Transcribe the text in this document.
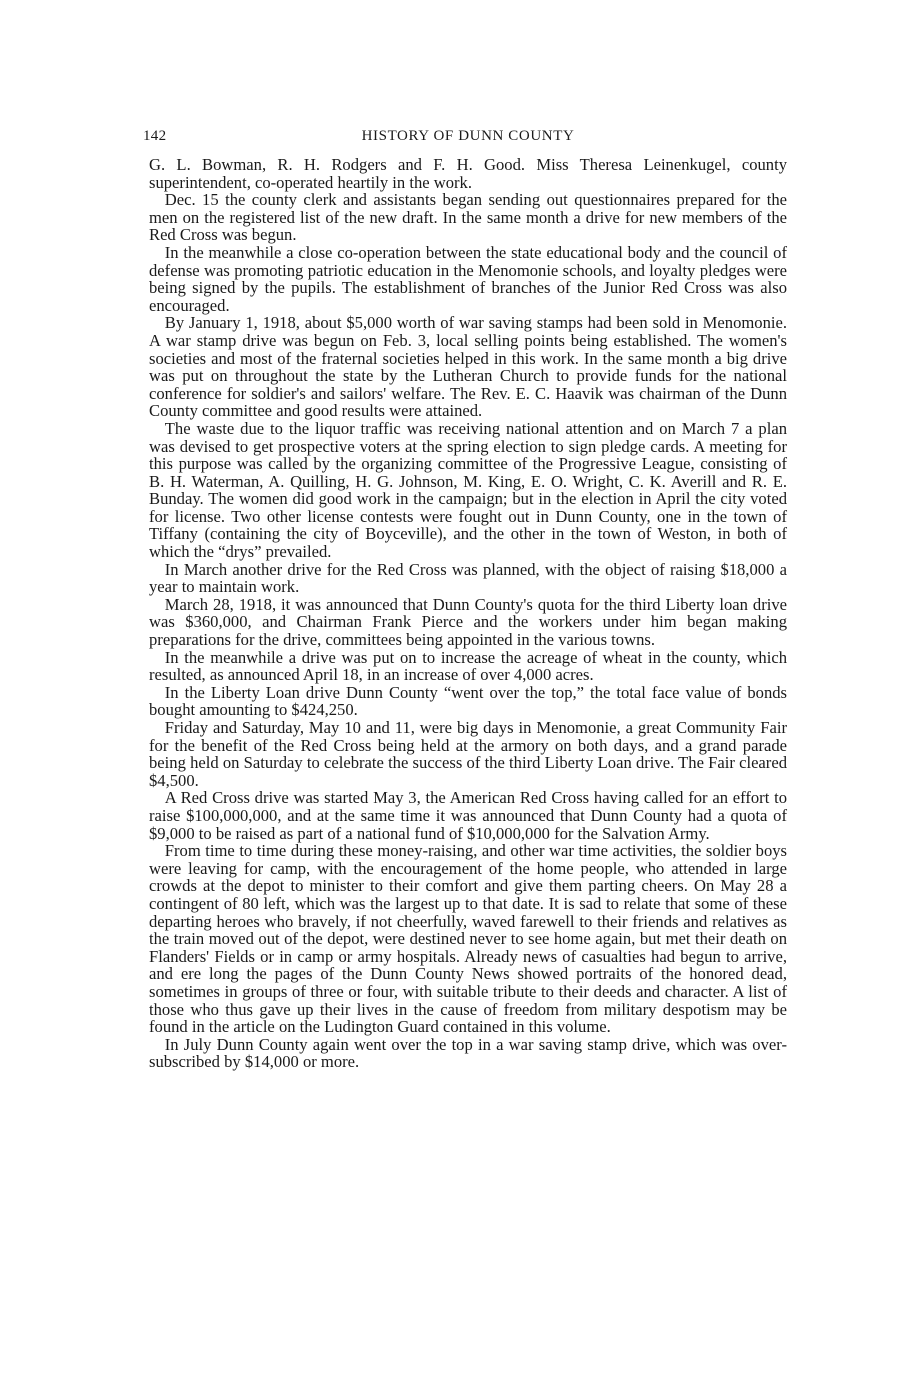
142	HISTORY OF DUNN COUNTY

G. L. Bowman, R. H. Rodgers and F. H. Good. Miss Theresa Leinenkugel, county superintendent, co-operated heartily in the work.

Dec. 15 the county clerk and assistants began sending out questionnaires prepared for the men on the registered list of the new draft. In the same month a drive for new members of the Red Cross was begun.

In the meanwhile a close co-operation between the state educational body and the council of defense was promoting patriotic education in the Menomonie schools, and loyalty pledges were being signed by the pupils. The establishment of branches of the Junior Red Cross was also encouraged.

By January 1, 1918, about $5,000 worth of war saving stamps had been sold in Menomonie. A war stamp drive was begun on Feb. 3, local selling points being established. The women's societies and most of the fraternal societies helped in this work. In the same month a big drive was put on throughout the state by the Lutheran Church to provide funds for the national conference for soldier's and sailors' welfare. The Rev. E. C. Haavik was chairman of the Dunn County committee and good results were attained.

The waste due to the liquor traffic was receiving national attention and on March 7 a plan was devised to get prospective voters at the spring election to sign pledge cards. A meeting for this purpose was called by the organizing committee of the Progressive League, consisting of B. H. Waterman, A. Quilling, H. G. Johnson, M. King, E. O. Wright, C. K. Averill and R. E. Bunday. The women did good work in the campaign; but in the election in April the city voted for license. Two other license contests were fought out in Dunn County, one in the town of Tiffany (containing the city of Boyceville), and the other in the town of Weston, in both of which the “drys” prevailed.

In March another drive for the Red Cross was planned, with the object of raising $18,000 a year to maintain work.

March 28, 1918, it was announced that Dunn County's quota for the third Liberty loan drive was $360,000, and Chairman Frank Pierce and the workers under him began making preparations for the drive, committees being appointed in the various towns.

In the meanwhile a drive was put on to increase the acreage of wheat in the county, which resulted, as announced April 18, in an increase of over 4,000 acres.

In the Liberty Loan drive Dunn County “went over the top,” the total face value of bonds bought amounting to $424,250.

Friday and Saturday, May 10 and 11, were big days in Menomonie, a great Community Fair for the benefit of the Red Cross being held at the armory on both days, and a grand parade being held on Saturday to celebrate the success of the third Liberty Loan drive. The Fair cleared $4,500.

A Red Cross drive was started May 3, the American Red Cross having called for an effort to raise $100,000,000, and at the same time it was announced that Dunn County had a quota of $9,000 to be raised as part of a national fund of $10,000,000 for the Salvation Army.

From time to time during these money-raising, and other war time activities, the soldier boys were leaving for camp, with the encouragement of the home people, who attended in large crowds at the depot to minister to their comfort and give them parting cheers. On May 28 a contingent of 80 left, which was the largest up to that date. It is sad to relate that some of these departing heroes who bravely, if not cheerfully, waved farewell to their friends and relatives as the train moved out of the depot, were destined never to see home again, but met their death on Flanders' Fields or in camp or army hospitals. Already news of casualties had begun to arrive, and ere long the pages of the Dunn County News showed portraits of the honored dead, sometimes in groups of three or four, with suitable tribute to their deeds and character. A list of those who thus gave up their lives in the cause of freedom from military despotism may be found in the article on the Ludington Guard contained in this volume.

In July Dunn County again went over the top in a war saving stamp drive, which was over-subscribed by $14,000 or more.
